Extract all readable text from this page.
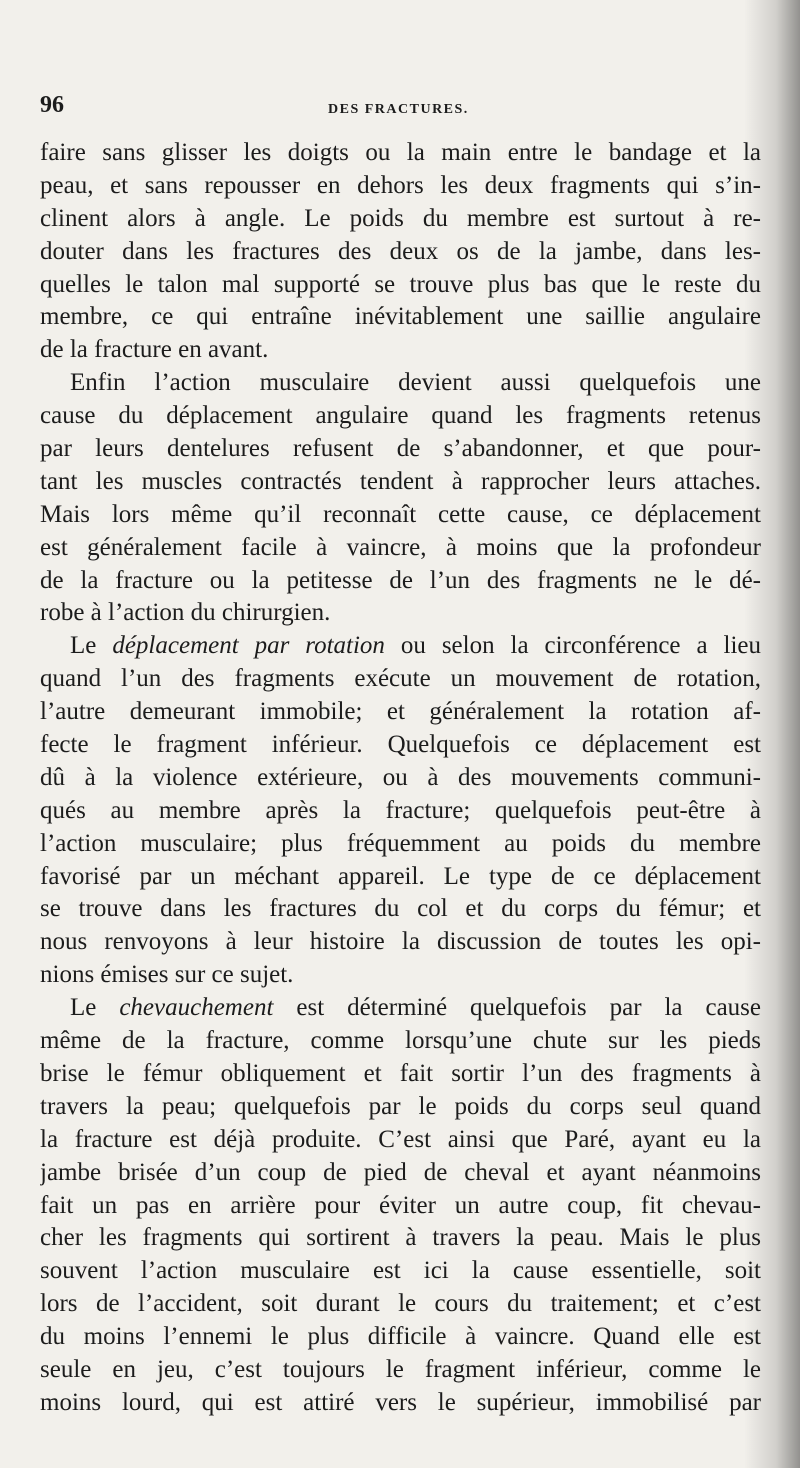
96	DES FRACTURES.
faire sans glisser les doigts ou la main entre le bandage et la
peau, et sans repousser en dehors les deux fragments qui s’in-
clinent alors à angle. Le poids du membre est surtout à re-
douter dans les fractures des deux os de la jambe, dans les-
quelles le talon mal supporté se trouve plus bas que le reste du
membre, ce qui entraîne inévitablement une saillie angulaire
de la fracture en avant.
Enfin l’action musculaire devient aussi quelquefois une
cause du déplacement angulaire quand les fragments retenus
par leurs dentelures refusent de s’abandonner, et que pour-
tant les muscles contractés tendent à rapprocher leurs attaches.
Mais lors même qu’il reconnaît cette cause, ce déplacement
est généralement facile à vaincre, à moins que la profondeur
de la fracture ou la petitesse de l’un des fragments ne le dé-
robe à l’action du chirurgien.
Le déplacement par rotation ou selon la circonférence a lieu
quand l’un des fragments exécute un mouvement de rotation,
l’autre demeurant immobile; et généralement la rotation af-
fecte le fragment inférieur. Quelquefois ce déplacement est
dû à la violence extérieure, ou à des mouvements communi-
qués au membre après la fracture; quelquefois peut-être à
l’action musculaire; plus fréquemment au poids du membre
favorisé par un méchant appareil. Le type de ce déplacement
se trouve dans les fractures du col et du corps du fémur; et
nous renvoyons à leur histoire la discussion de toutes les opi-
nions émises sur ce sujet.
Le chevauchement est déterminé quelquefois par la cause
même de la fracture, comme lorsqu’une chute sur les pieds
brise le fémur obliquement et fait sortir l’un des fragments à
travers la peau; quelquefois par le poids du corps seul quand
la fracture est déjà produite. C’est ainsi que Paré, ayant eu la
jambe brisée d’un coup de pied de cheval et ayant néanmoins
fait un pas en arrière pour éviter un autre coup, fit chevau-
cher les fragments qui sortirent à travers la peau. Mais le plus
souvent l’action musculaire est ici la cause essentielle, soit
lors de l’accident, soit durant le cours du traitement; et c’est
du moins l’ennemi le plus difficile à vaincre. Quand elle est
seule en jeu, c’est toujours le fragment inférieur, comme le
moins lourd, qui est attiré vers le supérieur, immobilisé par
